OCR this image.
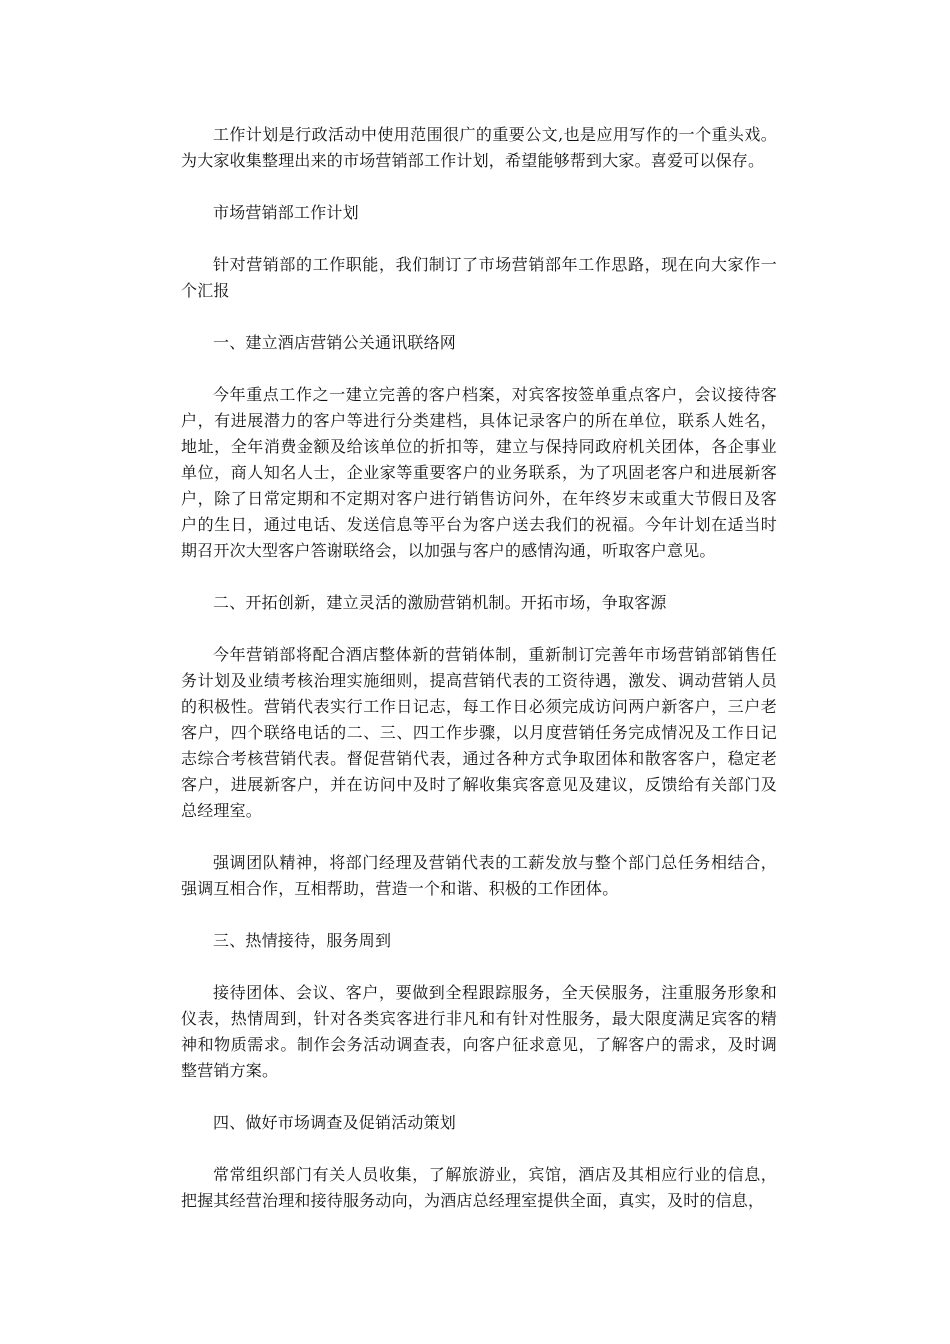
工作计划是行政活动中使用范围很广的重要公文,也是应用写作的一个重头戏。为大家收集整理出来的市场营销部工作计划，希望能够帮到大家。喜爱可以保存。

市场营销部工作计划

针对营销部的工作职能，我们制订了市场营销部年工作思路，现在向大家作一个汇报

一、建立酒店营销公关通讯联络网

今年重点工作之一建立完善的客户档案，对宾客按签单重点客户，会议接待客户，有进展潜力的客户等进行分类建档，具体记录客户的所在单位，联系人姓名，地址，全年消费金额及给该单位的折扣等，建立与保持同政府机关团体，各企事业单位，商人知名人士，企业家等重要客户的业务联系，为了巩固老客户和进展新客户，除了日常定期和不定期对客户进行销售访问外，在年终岁末或重大节假日及客户的生日，通过电话、发送信息等平台为客户送去我们的祝福。今年计划在适当时期召开次大型客户答谢联络会，以加强与客户的感情沟通，听取客户意见。

二、开拓创新，建立灵活的激励营销机制。开拓市场，争取客源

今年营销部将配合酒店整体新的营销体制，重新制订完善年市场营销部销售任务计划及业绩考核治理实施细则，提高营销代表的工资待遇，激发、调动营销人员的积极性。营销代表实行工作日记志，每工作日必须完成访问两户新客户，三户老客户，四个联络电话的二、三、四工作步骤，以月度营销任务完成情况及工作日记志综合考核营销代表。督促营销代表，通过各种方式争取团体和散客客户，稳定老客户，进展新客户，并在访问中及时了解收集宾客意见及建议，反馈给有关部门及总经理室。

强调团队精神，将部门经理及营销代表的工薪发放与整个部门总任务相结合，强调互相合作，互相帮助，营造一个和谐、积极的工作团体。

三、热情接待，服务周到

接待团体、会议、客户，要做到全程跟踪服务，全天侯服务，注重服务形象和仪表，热情周到，针对各类宾客进行非凡和有针对性服务，最大限度满足宾客的精神和物质需求。制作会务活动调查表，向客户征求意见，了解客户的需求，及时调整营销方案。

四、做好市场调查及促销活动策划

常常组织部门有关人员收集，了解旅游业，宾馆，酒店及其相应行业的信息，把握其经营治理和接待服务动向，为酒店总经理室提供全面，真实，及时的信息，
